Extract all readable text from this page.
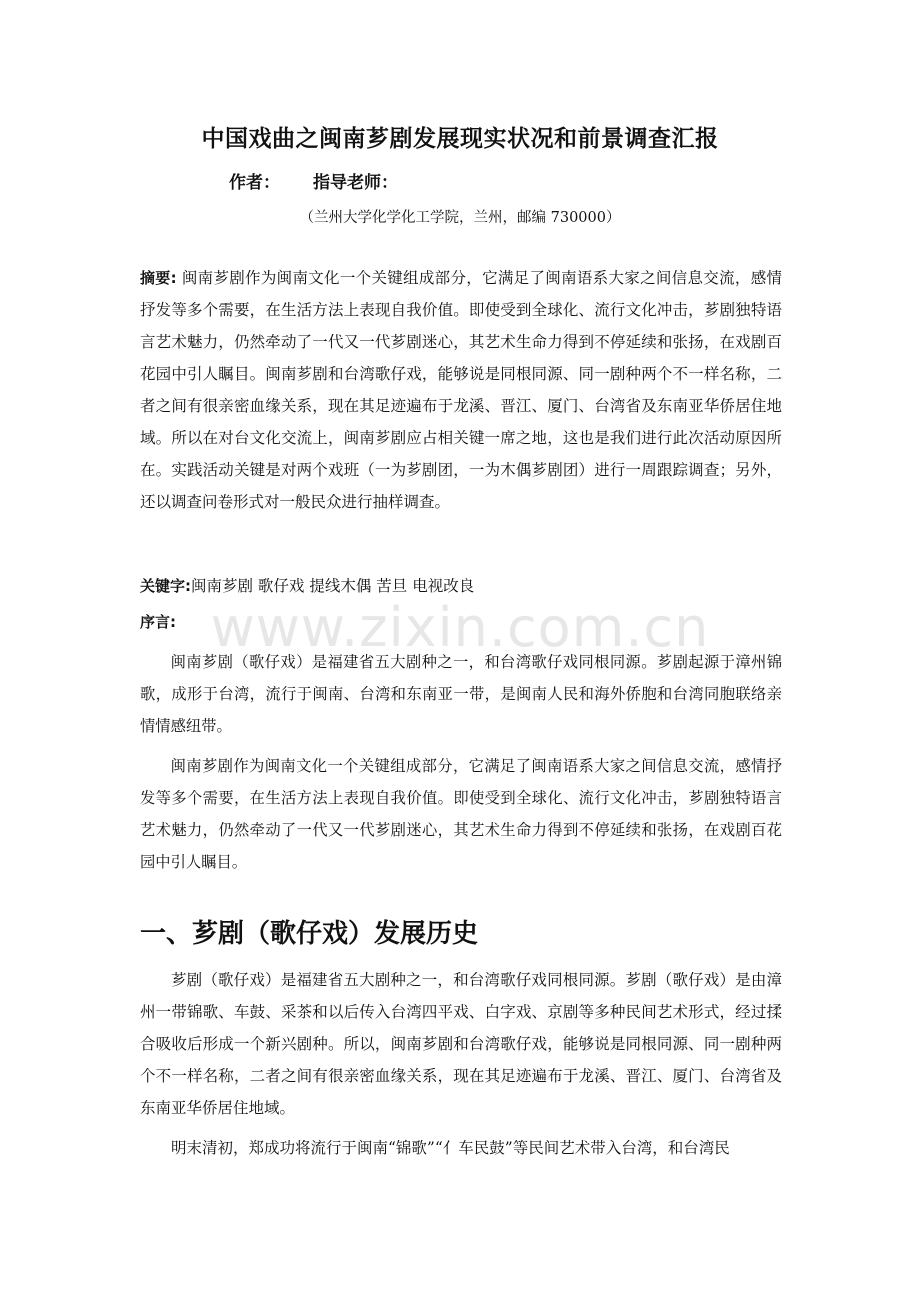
www.zixin.com.cn
中国戏曲之闽南芗剧发展现实状况和前景调查汇报
作者： 指导老师：
（兰州大学化学化工学院，兰州，邮编 730000）

摘要: 闽南芗剧作为闽南文化一个关键组成部分，它满足了闽南语系大家之间信息交流，感情抒发等多个需要，在生活方法上表现自我价值。即使受到全球化、流行文化冲击，芗剧独特语言艺术魅力，仍然牵动了一代又一代芗剧迷心，其艺术生命力得到不停延续和张扬，在戏剧百花园中引人瞩目。闽南芗剧和台湾歌仔戏，能够说是同根同源、同一剧种两个不一样名称，二者之间有很亲密血缘关系，现在其足迹遍布于龙溪、晋江、厦门、台湾省及东南亚华侨居住地域。所以在对台文化交流上，闽南芗剧应占相关键一席之地，这也是我们进行此次活动原因所在。实践活动关键是对两个戏班（一为芗剧团，一为木偶芗剧团）进行一周跟踪调查；另外，还以调查问卷形式对一般民众进行抽样调查。

关键字:闽南芗剧 歌仔戏 提线木偶 苦旦 电视改良

序言:

闽南芗剧（歌仔戏）是福建省五大剧种之一，和台湾歌仔戏同根同源。芗剧起源于漳州锦歌，成形于台湾，流行于闽南、台湾和东南亚一带，是闽南人民和海外侨胞和台湾同胞联络亲情情感纽带。

闽南芗剧作为闽南文化一个关键组成部分，它满足了闽南语系大家之间信息交流，感情抒发等多个需要，在生活方法上表现自我价值。即使受到全球化、流行文化冲击，芗剧独特语言艺术魅力，仍然牵动了一代又一代芗剧迷心，其艺术生命力得到不停延续和张扬，在戏剧百花园中引人瞩目。

一、芗剧（歌仔戏）发展历史

芗剧（歌仔戏）是福建省五大剧种之一，和台湾歌仔戏同根同源。芗剧（歌仔戏）是由漳州一带锦歌、车鼓、采茶和以后传入台湾四平戏、白字戏、京剧等多种民间艺术形式，经过揉合吸收后形成一个新兴剧种。所以，闽南芗剧和台湾歌仔戏，能够说是同根同源、同一剧种两个不一样名称，二者之间有很亲密血缘关系，现在其足迹遍布于龙溪、晋江、厦门、台湾省及东南亚华侨居住地域。

明末清初，郑成功将流行于闽南“锦歌”“亻车民鼓”等民间艺术带入台湾，和台湾民
